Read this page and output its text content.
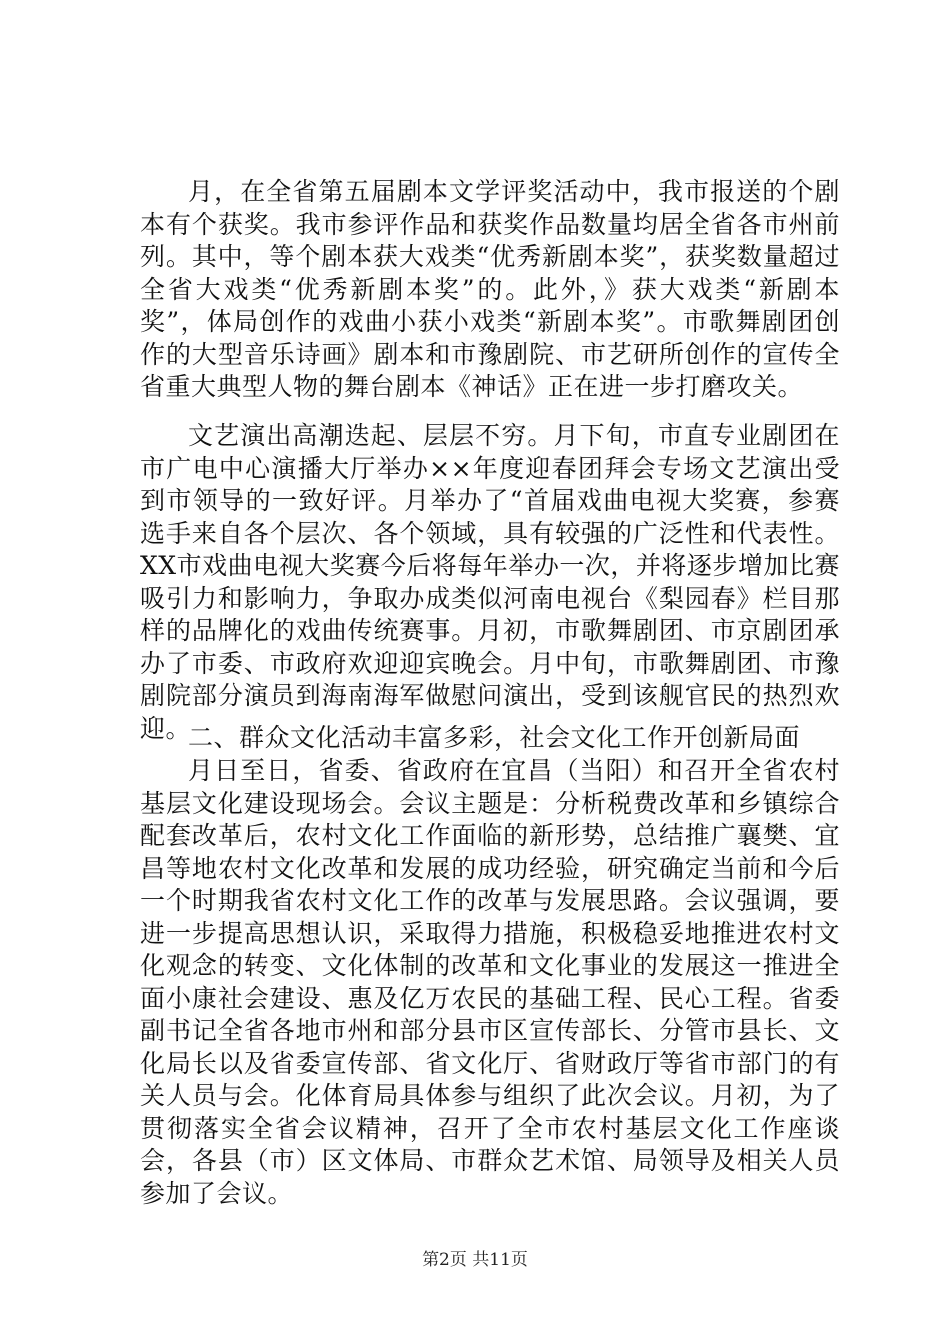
月，在全省第五届剧本文学评奖活动中，我市报送的个剧本有个获奖。我市参评作品和获奖作品数量均居全省各市州前列。其中，等个剧本获大戏类“优秀新剧本奖”，获奖数量超过全省大戏类“优秀新剧本奖”的。此外，》获大戏类“新剧本奖”，体局创作的戏曲小获小戏类“新剧本奖”。市歌舞剧团创作的大型音乐诗画》剧本和市豫剧院、市艺研所创作的宣传全省重大典型人物的舞台剧本《神话》正在进一步打磨攻关。

文艺演出高潮迭起、层层不穷。月下旬，市直专业剧团在市广电中心演播大厅举办××年度迎春团拜会专场文艺演出受到市领导的一致好评。月举办了“首届戏曲电视大奖赛，参赛选手来自各个层次、各个领域，具有较强的广泛性和代表性。XX市戏曲电视大奖赛今后将每年举办一次，并将逐步增加比赛吸引力和影响力，争取办成类似河南电视台《梨园春》栏目那样的品牌化的戏曲传统赛事。月初，市歌舞剧团、市京剧团承办了市委、市政府欢迎迎宾晚会。月中旬，市歌舞剧团、市豫剧院部分演员到海南海军做慰问演出，受到该舰官民的热烈欢迎。

二、群众文化活动丰富多彩，社会文化工作开创新局面

月日至日，省委、省政府在宜昌（当阳）和召开全省农村基层文化建设现场会。会议主题是：分析税费改革和乡镇综合配套改革后，农村文化工作面临的新形势，总结推广襄樊、宜昌等地农村文化改革和发展的成功经验，研究确定当前和今后一个时期我省农村文化工作的改革与发展思路。会议强调，要进一步提高思想认识，采取得力措施，积极稳妥地推进农村文化观念的转变、文化体制的改革和文化事业的发展这一推进全面小康社会建设、惠及亿万农民的基础工程、民心工程。省委副书记全省各地市州和部分县市区宣传部长、分管市县长、文化局长以及省委宣传部、省文化厅、省财政厅等省市部门的有关人员与会。化体育局具体参与组织了此次会议。月初，为了贯彻落实全省会议精神，召开了全市农村基层文化工作座谈会，各县（市）区文体局、市群众艺术馆、局领导及相关人员参加了会议。

第2页 共11页
